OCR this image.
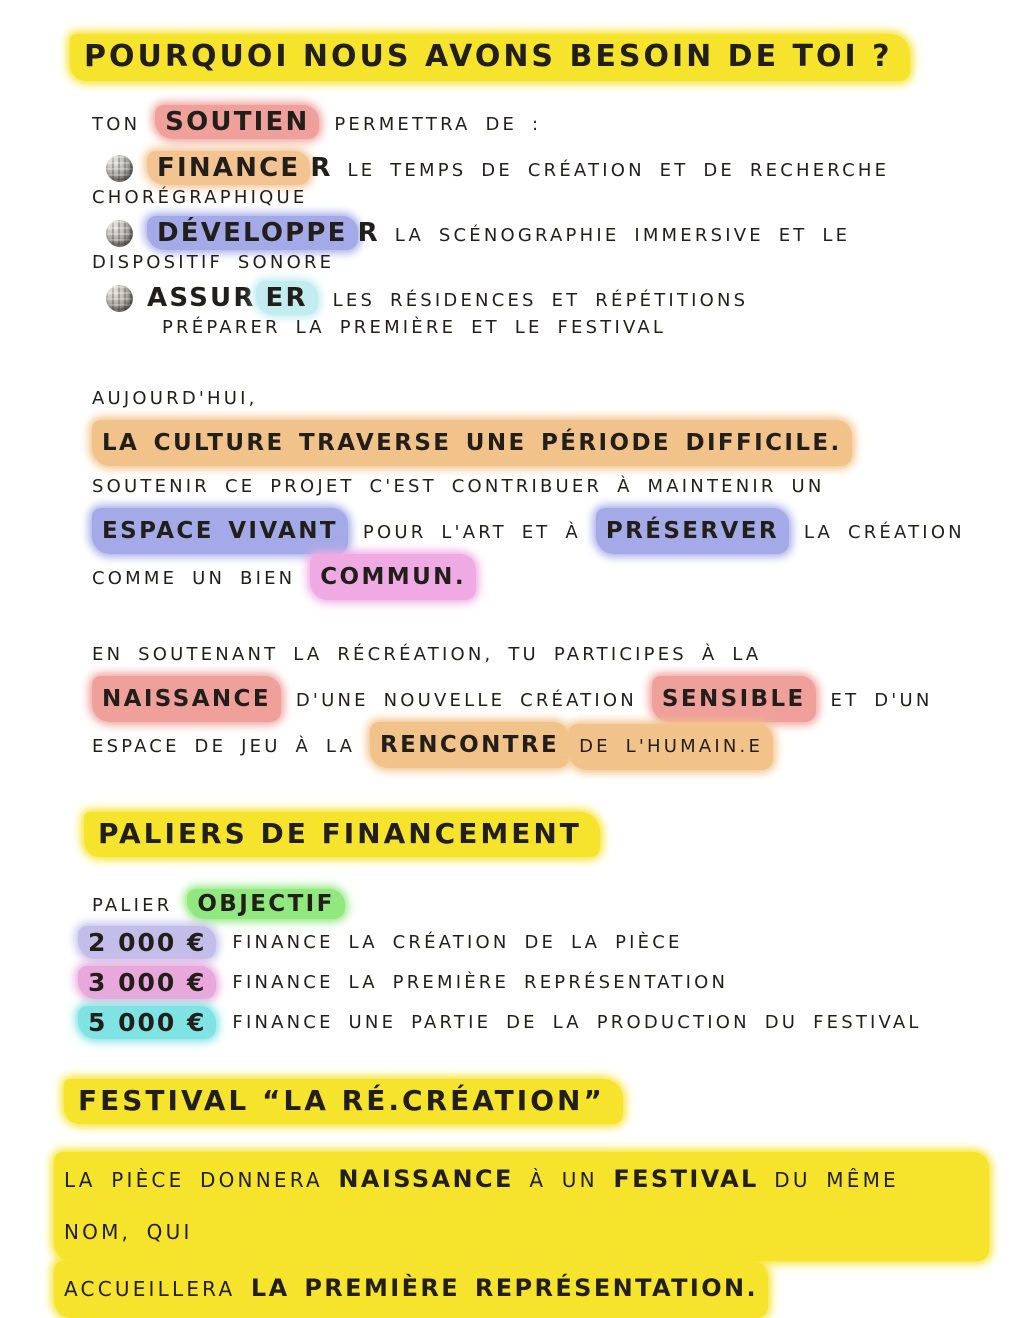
POURQUOI NOUS AVONS BESOIN DE TOI ?
TON SOUTIEN PERMETTRA DE :
FINANCE R LE TEMPS DE CRÉATION ET DE RECHERCHE
CHORÉGRAPHIQUE
DÉVELOPPE R LA SCÉNOGRAPHIE IMMERSIVE ET LE
DISPOSITIF SONORE
ASSUR ER LES RÉSIDENCES ET RÉPÉTITIONS
PRÉPARER LA PREMIÈRE ET LE FESTIVAL

AUJOURD'HUI, LA CULTURE TRAVERSE UNE PÉRIODE DIFFICILE.
SOUTENIR CE PROJET C'EST CONTRIBUER À MAINTENIR UN
ESPACE VIVANT POUR L'ART ET À PRÉSERVER LA CRÉATION
COMME UN BIEN COMMUN.

EN SOUTENANT LA RÉCRÉATION, TU PARTICIPES À LA
NAISSANCE D'UNE NOUVELLE CRÉATION SENSIBLE ET D'UN
ESPACE DE JEU À LA RENCONTREDE L'HUMAIN.E

PALIERS DE FINANCEMENT
PALIER OBJECTIF
2 000 €	FINANCE LA CRÉATION DE LA PIÈCE
3 000 €	FINANCE LA PREMIÈRE REPRÉSENTATION
5 000 €	FINANCE UNE PARTIE DE LA PRODUCTION DU FESTIVAL
FESTIVAL “LA RÉ.CRÉATION”

LA PIÈCE DONNERA NAISSANCE À UN FESTIVAL DU MÊME NOM, QUI
ACCUEILLERA LA PREMIÈRE REPRÉSENTATION.
